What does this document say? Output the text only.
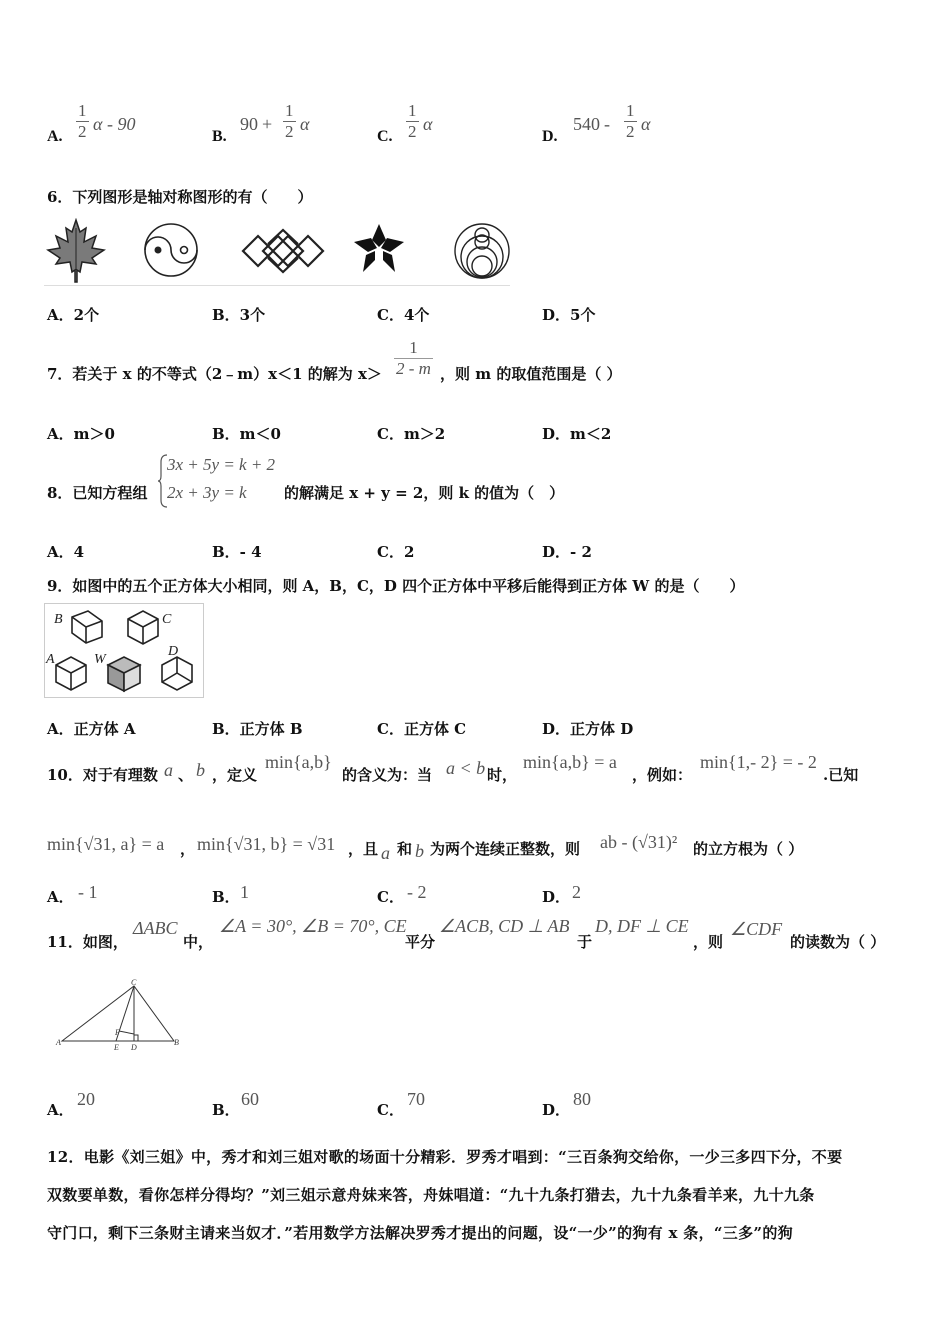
A. $\frac{1}{2}$ α - 90
B.
$90 + \frac{1}{2}$ α
C. $\frac{1}{2}$ α
D.
$540 - \frac{1}{2}$ α
6．下列图形是轴对称图形的有（　　）
A．2个	B．3个	C．4个	D．5个
7．若关于 x 的不等式（2﹣m）x＜1 的解为 $x> \frac{1}{2 - m}$ ，则 m 的取值范围是（ ）
A．m＞0	B．m＜0	C．m＞2	D．m＜2
8．已知方程组
3x + 5y = k + 2
2x + 3y = k 的解满足 x + y = 2，则 k 的值为（　）
A．4	B．- 4	C．2	D．- 2
9．如图中的五个正方体大小相同，则 A，B，C，D 四个正方体中平移后能得到正方体 W 的是（　　）
B	C
A	W
D
A．正方体 A	B．正方体 B	C．正方体 C	D．正方体 D
10．对于有理数 a 、 b ，定义
min{a,b}
的含义为：当 a < b 时，
min{a,b} = a
，例如：
min{1,- 2} = - 2
.已知
min{√31, a} = a ， min{√31, b} = √31 ，且 a 和 b 为两个连续正整数，则 ab - (√31)² 的立方根为（ ）
A． - 1	B． 1	C． - 2	D． 2
11．如图，
ΔABC
中，
∠A = 30°, ∠B = 70°, CE
平分
∠ACB, CD ⊥ AB
于
D, DF ⊥ CE
，则
∠CDF
的读数为（ ）
C
A
F
E D
B
A．
20
B．
60
C．
70
D．
80
12．电影《刘三姐》中，秀才和刘三姐对歌的场面十分精彩．罗秀才唱到：“三百条狗交给你，一少三多四下分，不要
双数要单数，看你怎样分得均？”刘三姐示意舟妹来答，舟妹唱道：“九十九条打猎去，九十九条看羊来，九十九条
守门口，剩下三条财主请来当奴才．”若用数学方法解决罗秀才提出的问题，设“一少”的狗有 x 条，“三多”的狗
